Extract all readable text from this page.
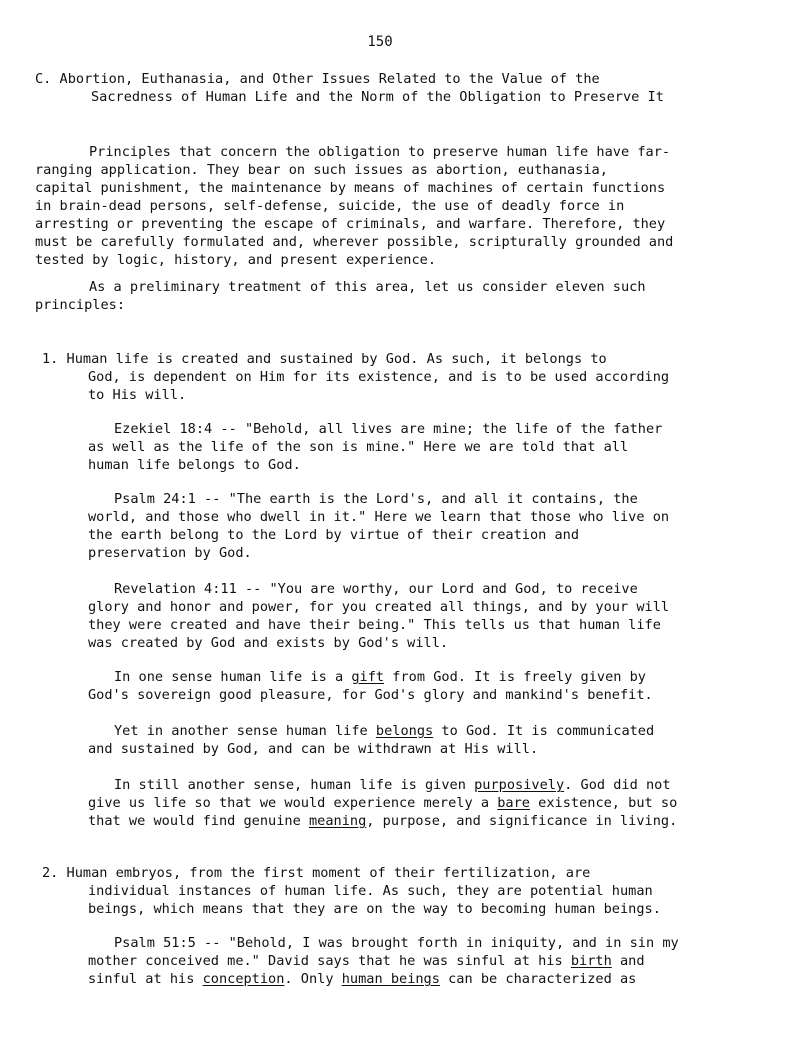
150
C. Abortion, Euthanasia, and Other Issues Related to the Value of the
Sacredness of Human Life and the Norm of the Obligation to Preserve It
Principles that concern the obligation to preserve human life have far-
ranging application. They bear on such issues as abortion, euthanasia,
capital punishment, the maintenance by means of machines of certain functions
in brain-dead persons, self-defense, suicide, the use of deadly force in
arresting or preventing the escape of criminals, and warfare. Therefore, they
must be carefully formulated and, wherever possible, scripturally grounded and
tested by logic, history, and present experience.
As a preliminary treatment of this area, let us consider eleven such
principles:
1. Human life is created and sustained by God. As such, it belongs to
God, is dependent on Him for its existence, and is to be used according
to His will.
Ezekiel 18:4 -- "Behold, all lives are mine; the life of the father
as well as the life of the son is mine." Here we are told that all
human life belongs to God.
Psalm 24:1 -- "The earth is the Lord's, and all it contains, the
world, and those who dwell in it." Here we learn that those who live on
the earth belong to the Lord by virtue of their creation and
preservation by God.
Revelation 4:11 -- "You are worthy, our Lord and God, to receive
glory and honor and power, for you created all things, and by your will
they were created and have their being." This tells us that human life
was created by God and exists by God's will.
In one sense human life is a gift from God. It is freely given by
God's sovereign good pleasure, for God's glory and mankind's benefit.
Yet in another sense human life belongs to God. It is communicated
and sustained by God, and can be withdrawn at His will.
In still another sense, human life is given purposively. God did not
give us life so that we would experience merely a bare existence, but so
that we would find genuine meaning, purpose, and significance in living.
2. Human embryos, from the first moment of their fertilization, are
individual instances of human life. As such, they are potential human
beings, which means that they are on the way to becoming human beings.
Psalm 51:5 -- "Behold, I was brought forth in iniquity, and in sin my
mother conceived me." David says that he was sinful at his birth and
sinful at his conception. Only human beings can be characterized as
